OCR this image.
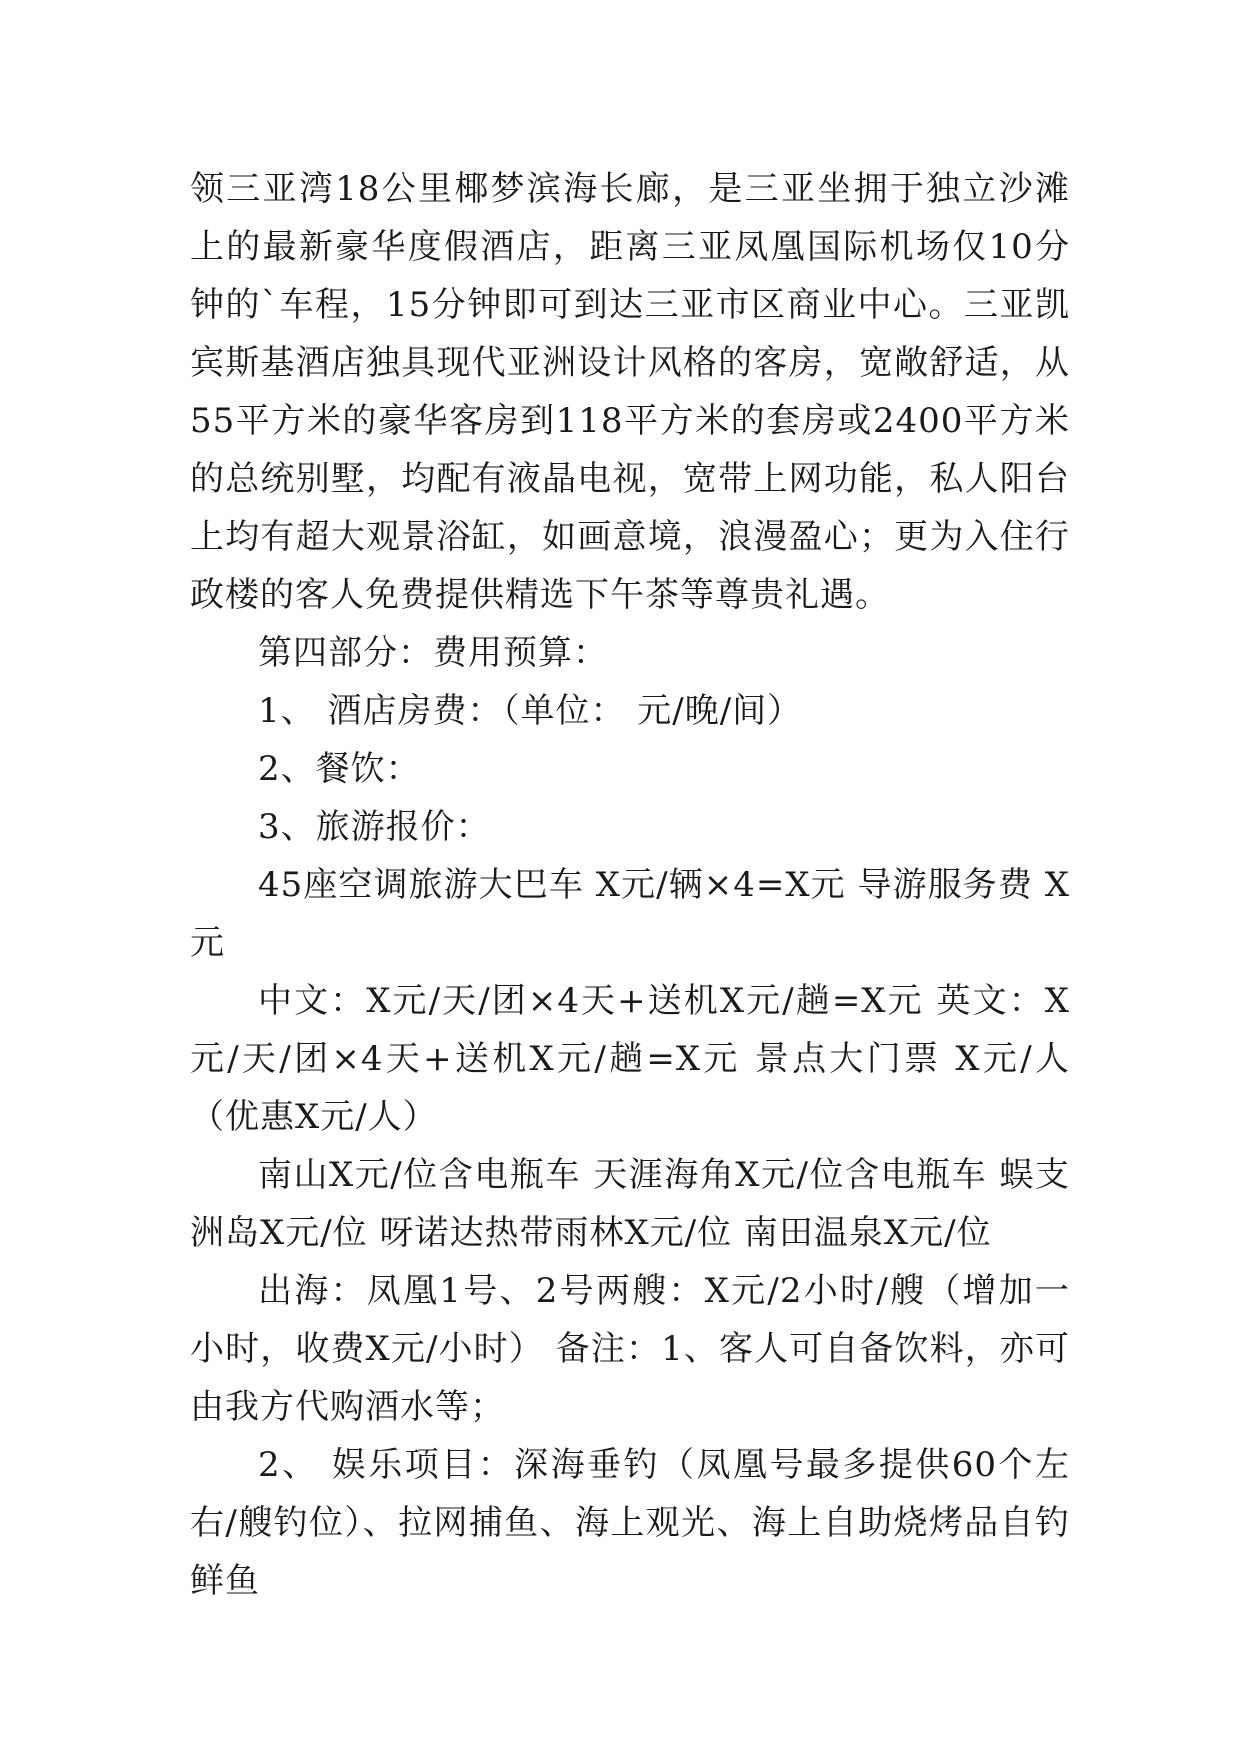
领三亚湾18公里椰梦滨海长廊，是三亚坐拥于独立沙滩上的最新豪华度假酒店，距离三亚凤凰国际机场仅10分钟的`车程，15分钟即可到达三亚市区商业中心。三亚凯宾斯基酒店独具现代亚洲设计风格的客房，宽敞舒适，从55平方米的豪华客房到118平方米的套房或2400平方米的总统别墅，均配有液晶电视，宽带上网功能，私人阳台上均有超大观景浴缸，如画意境，浪漫盈心；更为入住行政楼的客人免费提供精选下午茶等尊贵礼遇。

第四部分：费用预算：

1、 酒店房费：（单位： 元/晚/间）

2、餐饮：

3、旅游报价：

45座空调旅游大巴车 X元/辆×4=X元 导游服务费 X元

中文：X元/天/团×4天+送机X元/趟=X元 英文：X元/天/团×4天+送机X元/趟=X元 景点大门票 X元/人（优惠X元/人）

南山X元/位含电瓶车 天涯海角X元/位含电瓶车 蜈支洲岛X元/位 呀诺达热带雨林X元/位 南田温泉X元/位

出海：凤凰1号、2号两艘：X元/2小时/艘（增加一小时，收费X元/小时） 备注：1、客人可自备饮料，亦可由我方代购酒水等；

2、 娱乐项目：深海垂钓（凤凰号最多提供60个左右/艘钓位）、拉网捕鱼、海上观光、海上自助烧烤品自钓鲜鱼
